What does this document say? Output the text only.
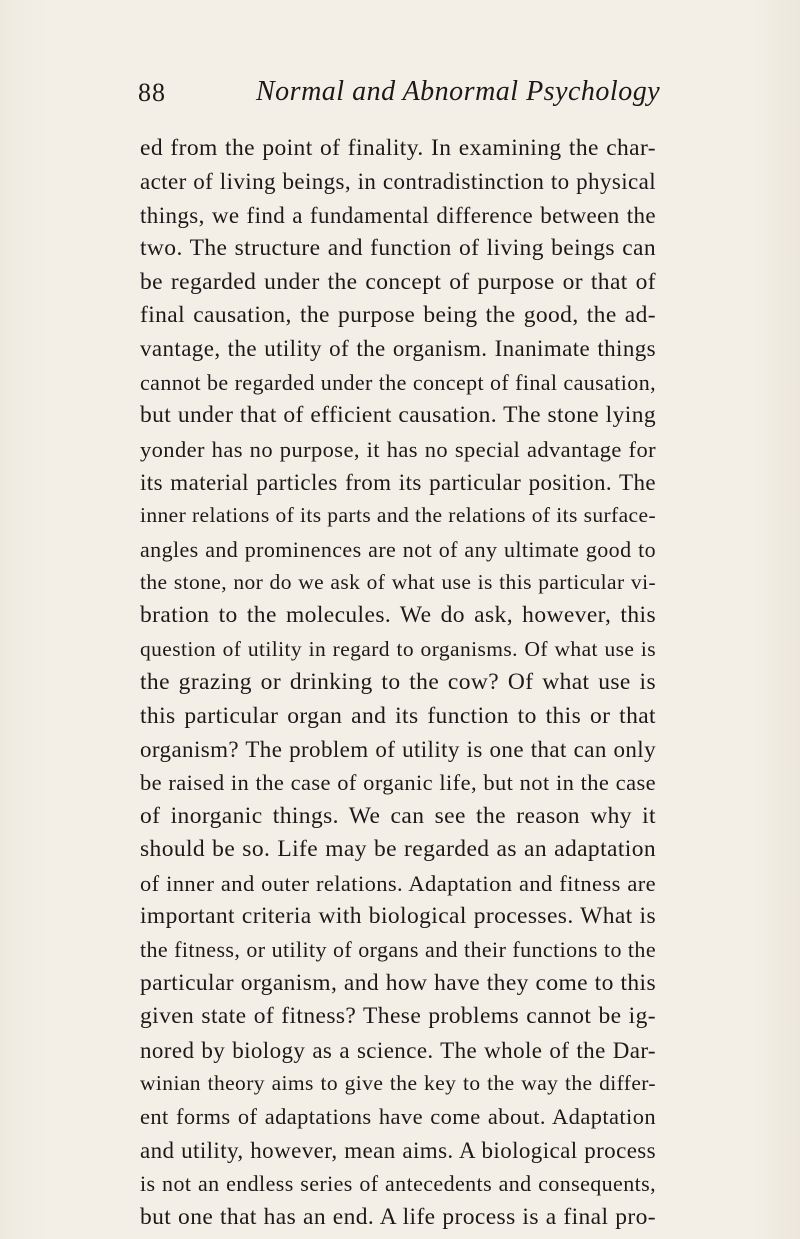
88	Normal and Abnormal Psychology
ed from the point of finality. In examining the char-
acter of living beings, in contradistinction to physical
things, we find a fundamental difference between the
two. The structure and function of living beings can
be regarded under the concept of purpose or that of
final causation, the purpose being the good, the ad-
vantage, the utility of the organism. Inanimate things
cannot be regarded under the concept of final causation,
but under that of efficient causation. The stone lying
yonder has no purpose, it has no special advantage for
its material particles from its particular position. The
inner relations of its parts and the relations of its surface-
angles and prominences are not of any ultimate good to
the stone, nor do we ask of what use is this particular vi-
bration to the molecules. We do ask, however, this
question of utility in regard to organisms. Of what use is
the grazing or drinking to the cow? Of what use is
this particular organ and its function to this or that
organism? The problem of utility is one that can only
be raised in the case of organic life, but not in the case
of inorganic things. We can see the reason why it
should be so. Life may be regarded as an adaptation
of inner and outer relations. Adaptation and fitness are
important criteria with biological processes. What is
the fitness, or utility of organs and their functions to the
particular organism, and how have they come to this
given state of fitness? These problems cannot be ig-
nored by biology as a science. The whole of the Dar-
winian theory aims to give the key to the way the differ-
ent forms of adaptations have come about. Adaptation
and utility, however, mean aims. A biological process
is not an endless series of antecedents and consequents,
but one that has an end. A life process is a final pro-
